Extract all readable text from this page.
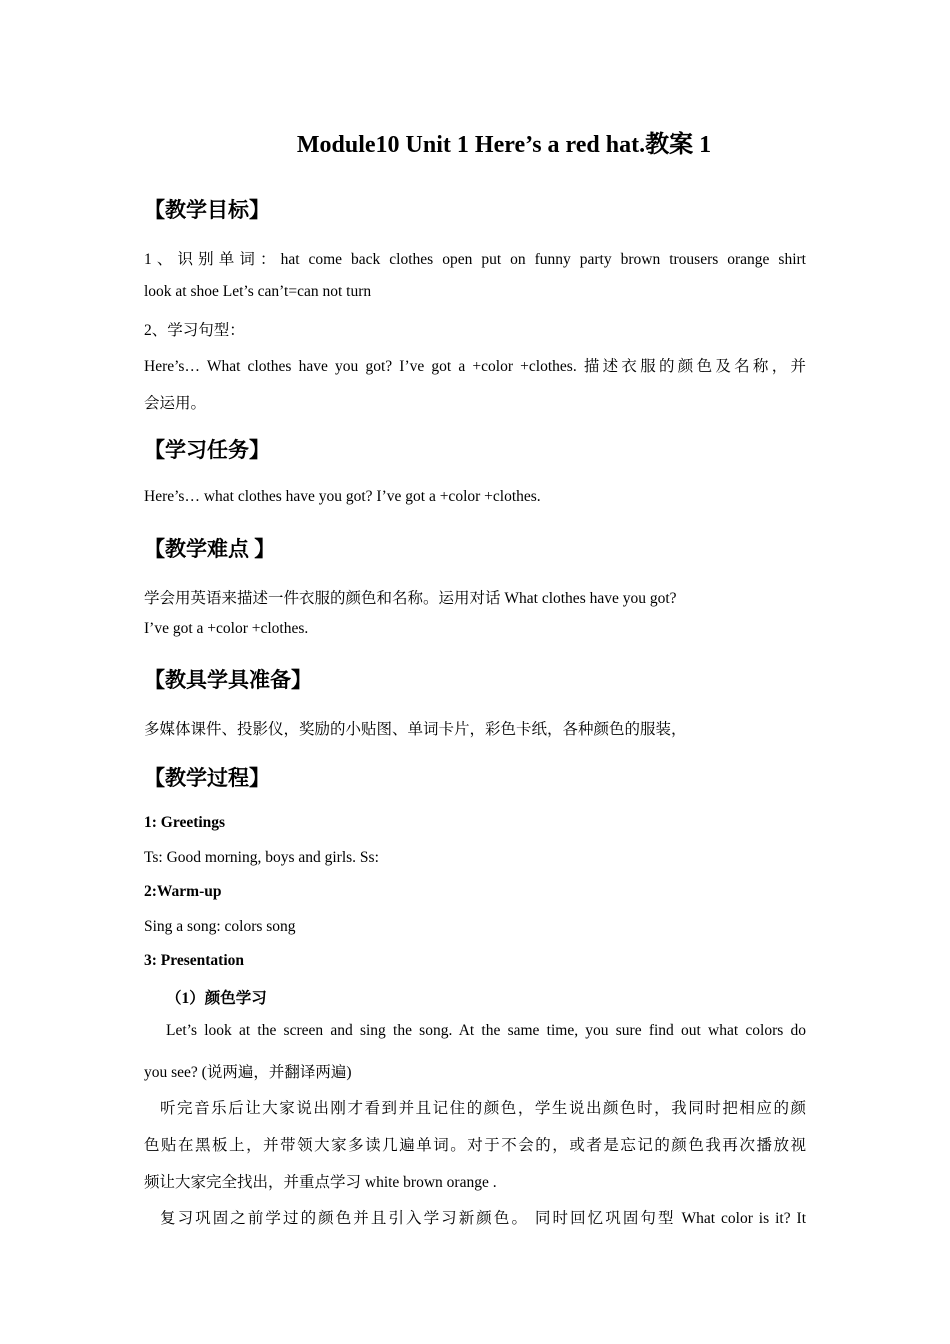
Module10 Unit 1 Here’s a red hat.教案 1
【教学目标】
1、识别单词：hat come back clothes open put on funny party brown trousers orange shirt
look at shoe Let’s can’t=can not turn
2、学习句型：
Here’s… What clothes have you got? I’ve got a +color +clothes. 描述衣服的颜色及名称，并
会运用。
【学习任务】
Here’s… what clothes have you got? I’ve got a +color +clothes.
【教学难点 】
学会用英语来描述一件衣服的颜色和名称。运用对话 What clothes have you got?
I’ve got a +color +clothes.
【教具学具准备】
多媒体课件、投影仪，奖励的小贴图、单词卡片，彩色卡纸，各种颜色的服装，
【教学过程】
1: Greetings
Ts: Good morning, boys and girls. Ss:
2:Warm-up
Sing a song: colors song
3: Presentation
（1）颜色学习
Let’s look at the screen and sing the song. At the same time, you sure find out what colors do
you see? (说两遍，并翻译两遍)
听完音乐后让大家说出刚才看到并且记住的颜色，学生说出颜色时，我同时把相应的颜
色贴在黑板上，并带领大家多读几遍单词。对于不会的，或者是忘记的颜色我再次播放视
频让大家完全找出，并重点学习 white brown orange .
复习巩固之前学过的颜色并且引入学习新颜色。 同时回忆巩固句型 What color is it? It
